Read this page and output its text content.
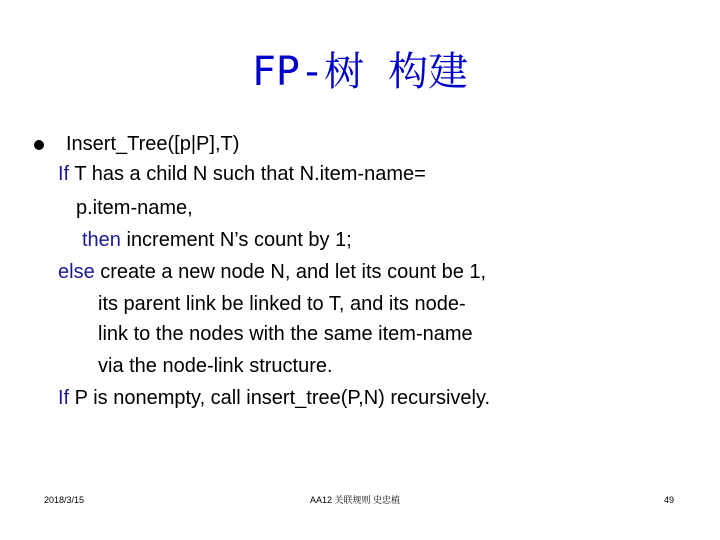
FP-树 构建
Insert_Tree([p|P],T)
If T has a child N such that N.item-name=
p.item-name,
then increment N’s count by 1;
else create a new node N, and let its count be 1,
its parent link be linked to T, and its node-
link to the nodes with the same item-name
via the node-link structure.
If P is nonempty, call insert_tree(P,N) recursively.
2018/3/15	AA12 关联规则 史忠植	49
